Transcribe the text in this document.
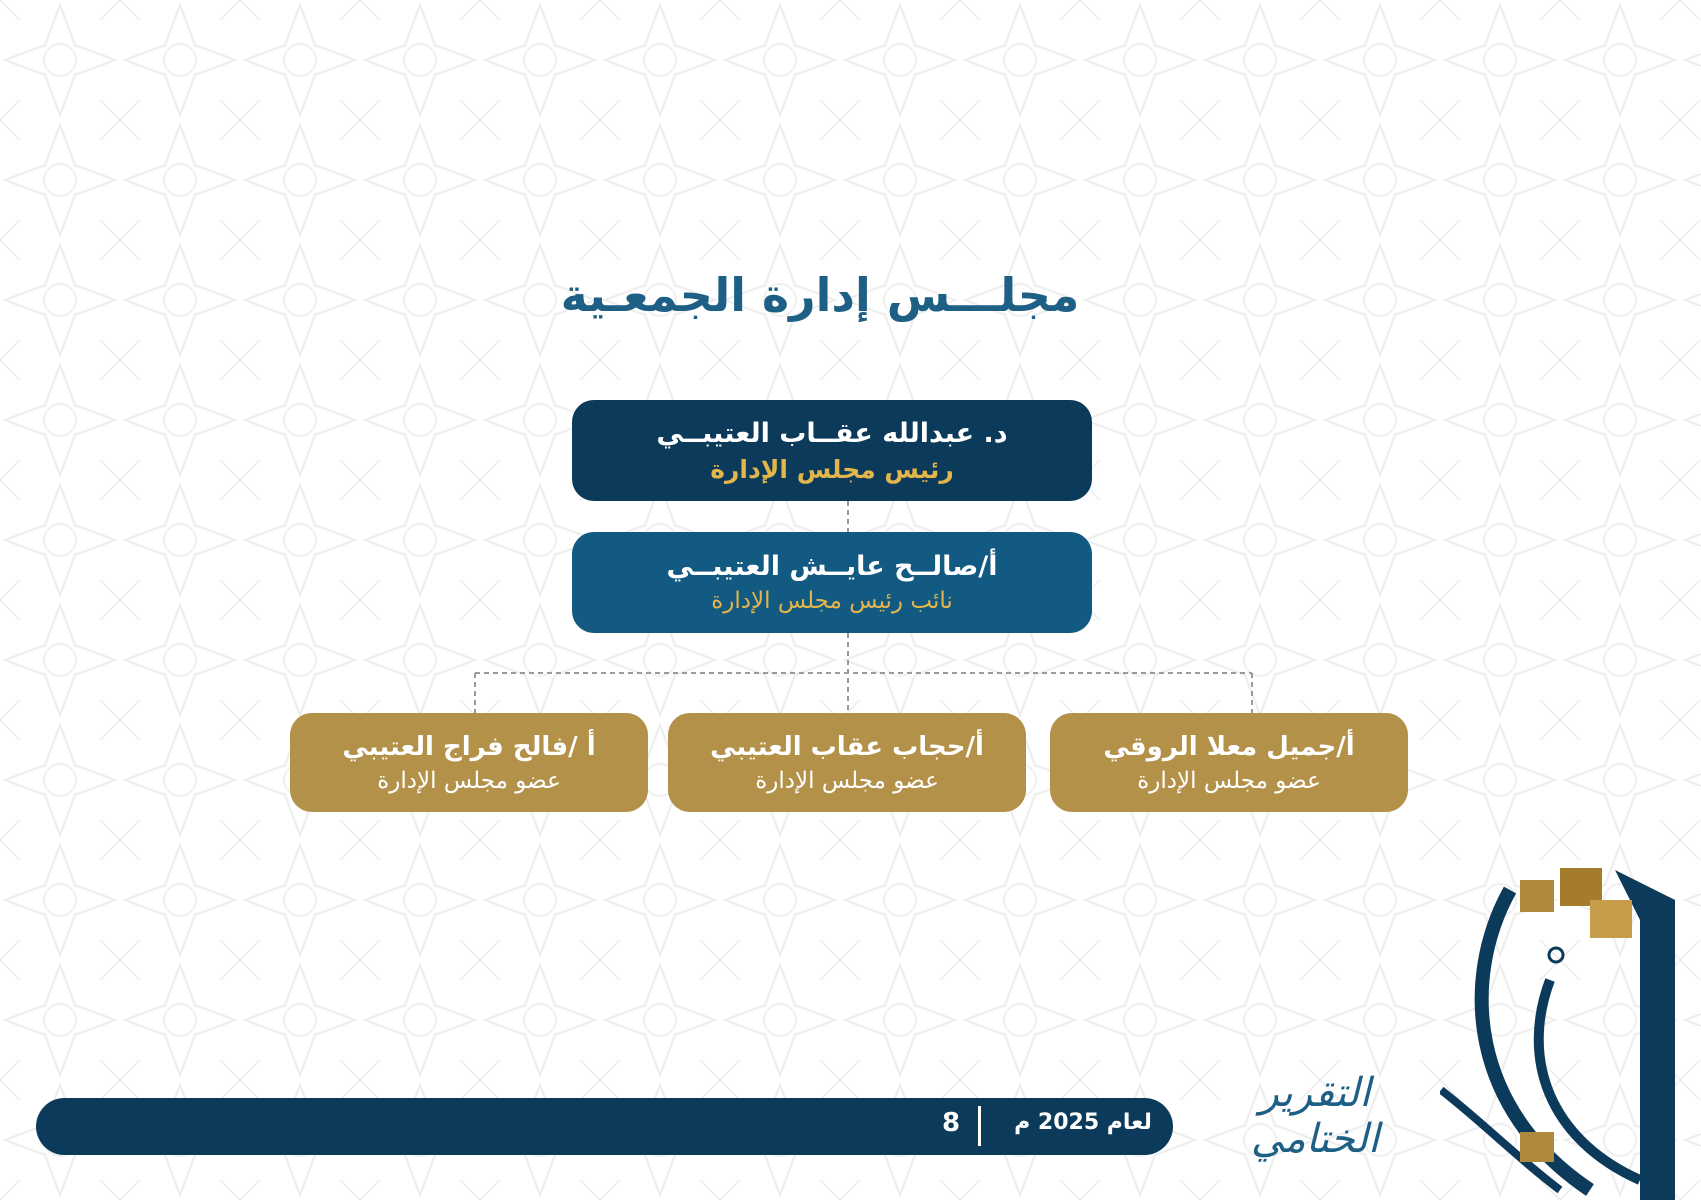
مجلـــس إدارة الجمعـية
د. عبدالله عقــاب العتيبــي
رئيس مجلس الإدارة
أ/صالــح عايــش العتيبــي
نائب رئيس مجلس الإدارة
أ /فالح فراج العتيبي
عضو مجلس الإدارة
أ/حجاب عقاب العتيبي
عضو مجلس الإدارة
أ/جميل معلا الروقي
عضو مجلس الإدارة
التقرير الختامي
8	لعام 2025 م
